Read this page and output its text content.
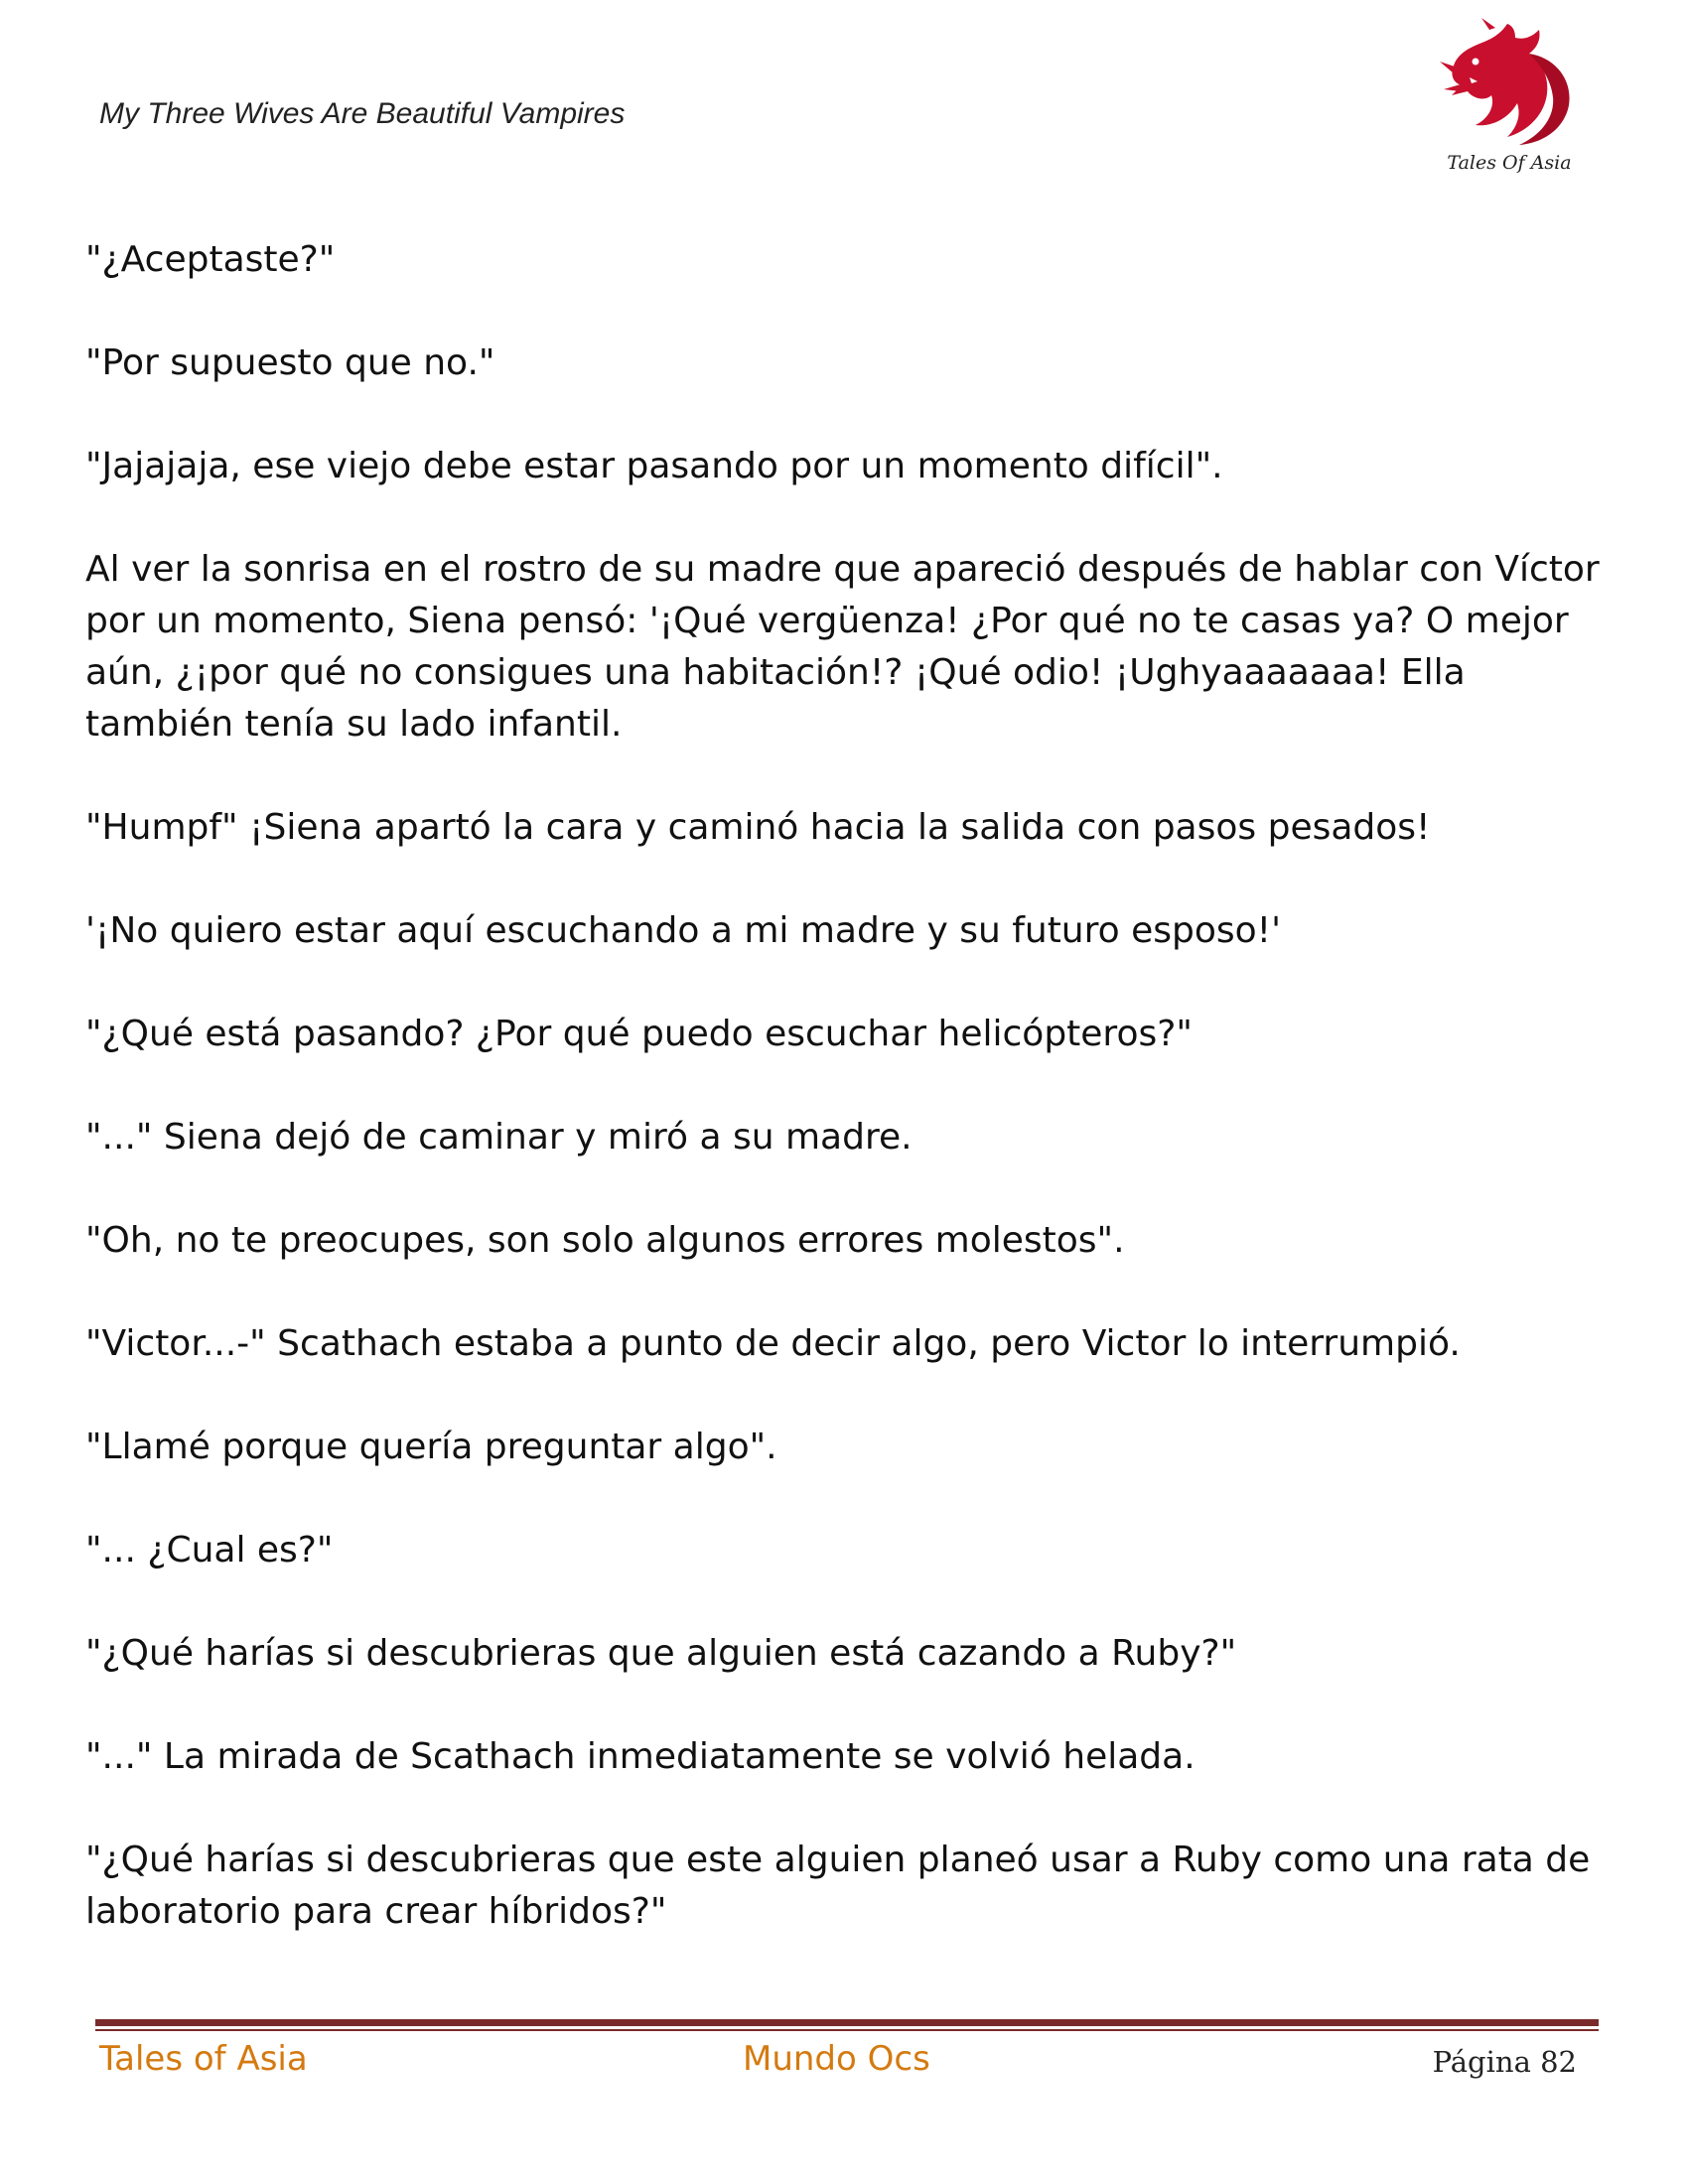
My Three Wives Are Beautiful Vampires
Tales Of Asia

"¿Aceptaste?"

"Por supuesto que no."

"Jajajaja, ese viejo debe estar pasando por un momento difícil".

Al ver la sonrisa en el rostro de su madre que apareció después de hablar con Víctor por un momento, Siena pensó: '¡Qué vergüenza! ¿Por qué no te casas ya? O mejor aún, ¿¡por qué no consigues una habitación!? ¡Qué odio! ¡Ughyaaaaaaa! Ella también tenía su lado infantil.

"Humpf" ¡Siena apartó la cara y caminó hacia la salida con pasos pesados!

'¡No quiero estar aquí escuchando a mi madre y su futuro esposo!'

"¿Qué está pasando? ¿Por qué puedo escuchar helicópteros?"

"..." Siena dejó de caminar y miró a su madre.

"Oh, no te preocupes, son solo algunos errores molestos".

"Victor...-" Scathach estaba a punto de decir algo, pero Victor lo interrumpió.

"Llamé porque quería preguntar algo".

"... ¿Cual es?"

"¿Qué harías si descubrieras que alguien está cazando a Ruby?"

"..." La mirada de Scathach inmediatamente se volvió helada.

"¿Qué harías si descubrieras que este alguien planeó usar a Ruby como una rata de laboratorio para crear híbridos?"

Tales of Asia	Mundo Ocs	Página 82
